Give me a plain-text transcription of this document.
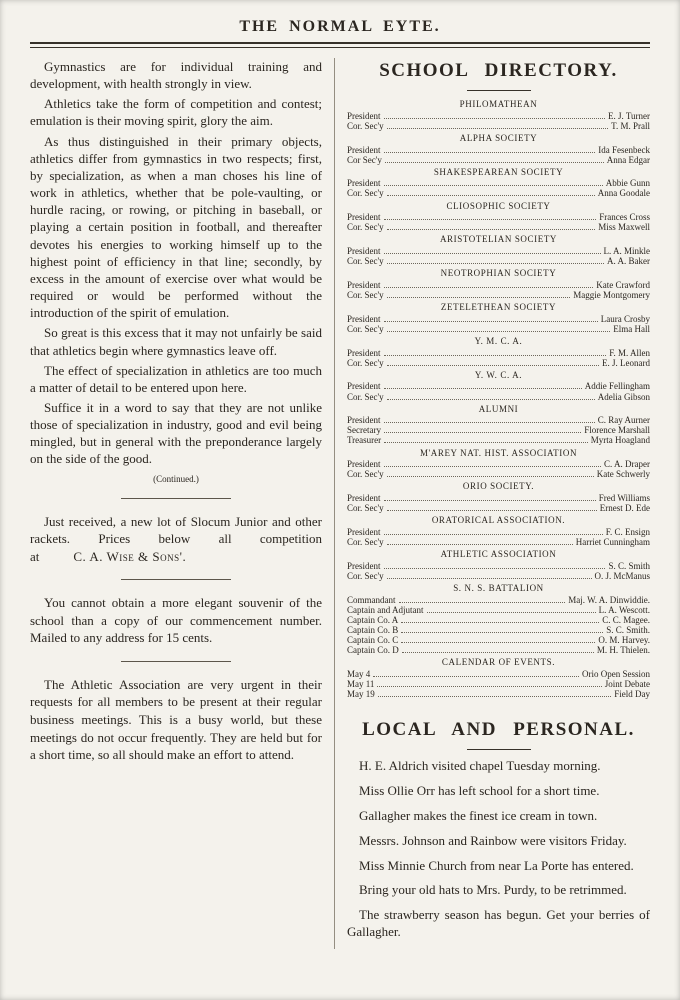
THE NORMAL EYTE.

Gymnastics are for individual training and development, with health strongly in view.

Athletics take the form of competition and contest; emulation is their moving spirit, glory the aim.

As thus distinguished in their primary objects, athletics differ from gymnastics in two respects; first, by specialization, as when a man choses his line of work in athletics, whether that be pole-vaulting, or hurdle racing, or rowing, or pitching in baseball, or playing a certain position in football, and thereafter devotes his energies to working himself up to the highest point of efficiency in that line; secondly, by excess in the amount of exercise over what would be required or would be performed without the introduction of the spirit of emulation.

So great is this excess that it may not unfairly be said that athletics begin where gymnastics leave off.

The effect of specialization in athletics are too much a matter of detail to be entered upon here.

Suffice it in a word to say that they are not unlike those of specialization in industry, good and evil being mingled, but in general with the preponderance largely on the side of the good.

(Continued.)

Just received, a new lot of Slocum Junior and other rackets. Prices below all competition at	C. A. Wise & Sons'.

You cannot obtain a more elegant souvenir of the school than a copy of our commencement number. Mailed to any address for 15 cents.

The Athletic Association are very urgent in their requests for all members to be present at their regular business meetings. This is a busy world, but these meetings do not occur frequently. They are held but for a short time, so all should make an effort to attend.

SCHOOL DIRECTORY.
PHILOMATHEAN
President	E. J. Turner
Cor. Sec'y	T. M. Prall
ALPHA SOCIETY
President	Ida Fesenbeck
Cor Sec'y	Anna Edgar
SHAKESPEAREAN SOCIETY
President	Abbie Gunn
Cor. Sec'y	Anna Goodale
CLIOSOPHIC SOCIETY
President	Frances Cross
Cor. Sec'y	Miss Maxwell
ARISTOTELIAN SOCIETY
President	L. A. Minkle
Cor. Sec'y	A. A. Baker
NEOTROPHIAN SOCIETY
President	Kate Crawford
Cor. Sec'y	Maggie Montgomery
ZETELETHEAN SOCIETY
President	Laura Crosby
Cor. Sec'y	Elma Hall
Y. M. C. A.
President	F. M. Allen
Cor. Sec'y	E. J. Leonard
Y. W. C. A.
President	Addie Fellingham
Cor. Sec'y	Adelia Gibson
ALUMNI
President	C. Ray Aurner
Secretary	Florence Marshall
Treasurer	Myrta Hoagland
M'AREY NAT. HIST. ASSOCIATION
President	C. A. Draper
Cor. Sec'y	Kate Schwerly
ORIO SOCIETY.
President	Fred Williams
Cor. Sec'y	Ernest D. Ede
ORATORICAL ASSOCIATION.
President	F. C. Ensign
Cor. Sec'y	Harriet Cunningham
ATHLETIC ASSOCIATION
President	S. C. Smith
Cor. Sec'y	O. J. McManus
S. N. S. BATTALION
Commandant	Maj. W. A. Dinwiddie.
Captain and Adjutant	L. A. Wescott.
Captain Co. A	C. C. Magee.
Captain Co. B	S. C. Smith.
Captain Co. C	O. M. Harvey.
Captain Co. D	M. H. Thielen.
CALENDAR OF EVENTS.
May 4	Orio Open Session
May 11	Joint Debate
May 19	Field Day
LOCAL AND PERSONAL.

H. E. Aldrich visited chapel Tuesday morning.

Miss Ollie Orr has left school for a short time.

Gallagher makes the finest ice cream in town.

Messrs. Johnson and Rainbow were visitors Friday.

Miss Minnie Church from near La Porte has entered.

Bring your old hats to Mrs. Purdy, to be retrimmed.

The strawberry season has begun. Get your berries of Gallagher.
